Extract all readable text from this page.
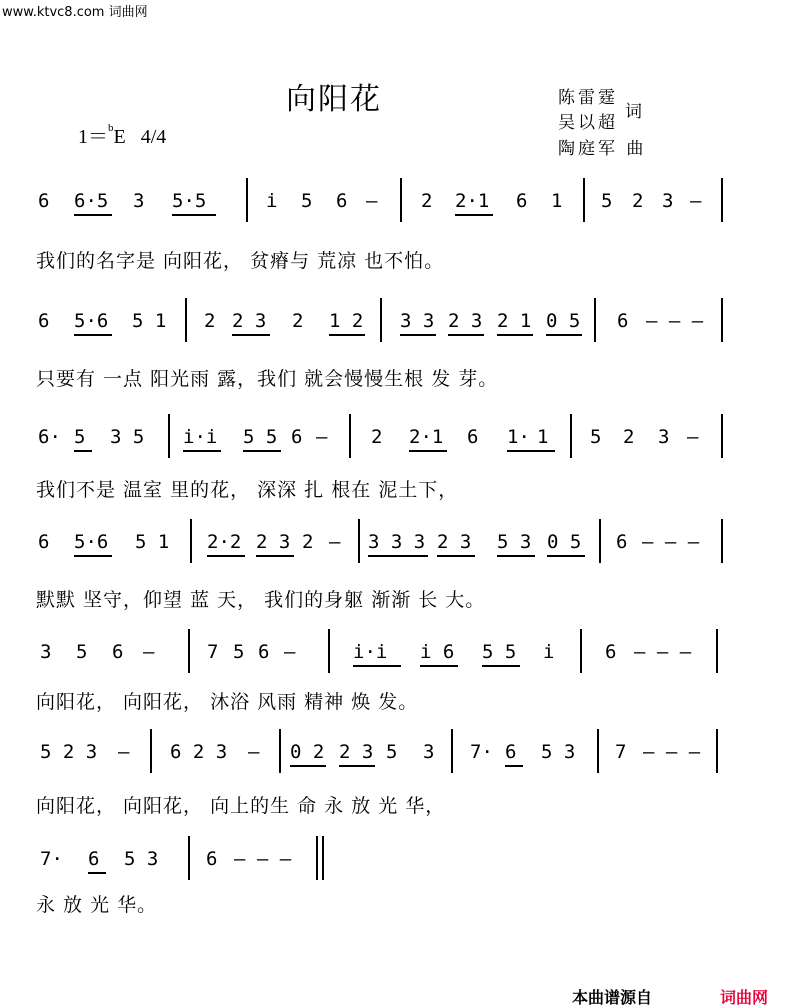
www.ktvc8.com 词曲网
向阳花
1＝$^b$E 4/4
陈雷霆
吴以超
词
陶庭军 曲
6 6·5 3 5·5	i 5 6 — 2 2·1 6 1 5 2 3 —
我们的名字是 向阳花， 贫瘠与 荒凉 也不怕。
6 5·6 5 1 2 2 3 2 1 2 3 3 2 3 2 1 0 5 6 — — —
只要有 一点 阳光雨 露，我们 就会慢慢生根 发 芽。
6· 5 3 5 i·i 5 5 6 — 2 2·1 6 1· 1 5 2 3 —
我们不是 温室 里的花， 深深 扎 根在 泥土下，
6 5·6 5 1 2·2 2 3 2 — 3 3 3 2 3 5 3 0 5 6 — — —
默默 坚守，仰望 蓝 天， 我们的身躯 渐渐 长 大。
3 5 6 —	7 5 6 —	i·i i 6 5 5 i	6 — — —
向阳花， 向阳花， 沐浴 风雨 精神 焕 发。
5 2 3 — 6 2 3 — 0 2 2 3 5 3 7· 6 5 3 7 — — —
向阳花， 向阳花， 向上的生 命 永 放 光 华，
7· 6 5 3	6 — — —
永 放 光 华。
本曲谱源自	词曲网
